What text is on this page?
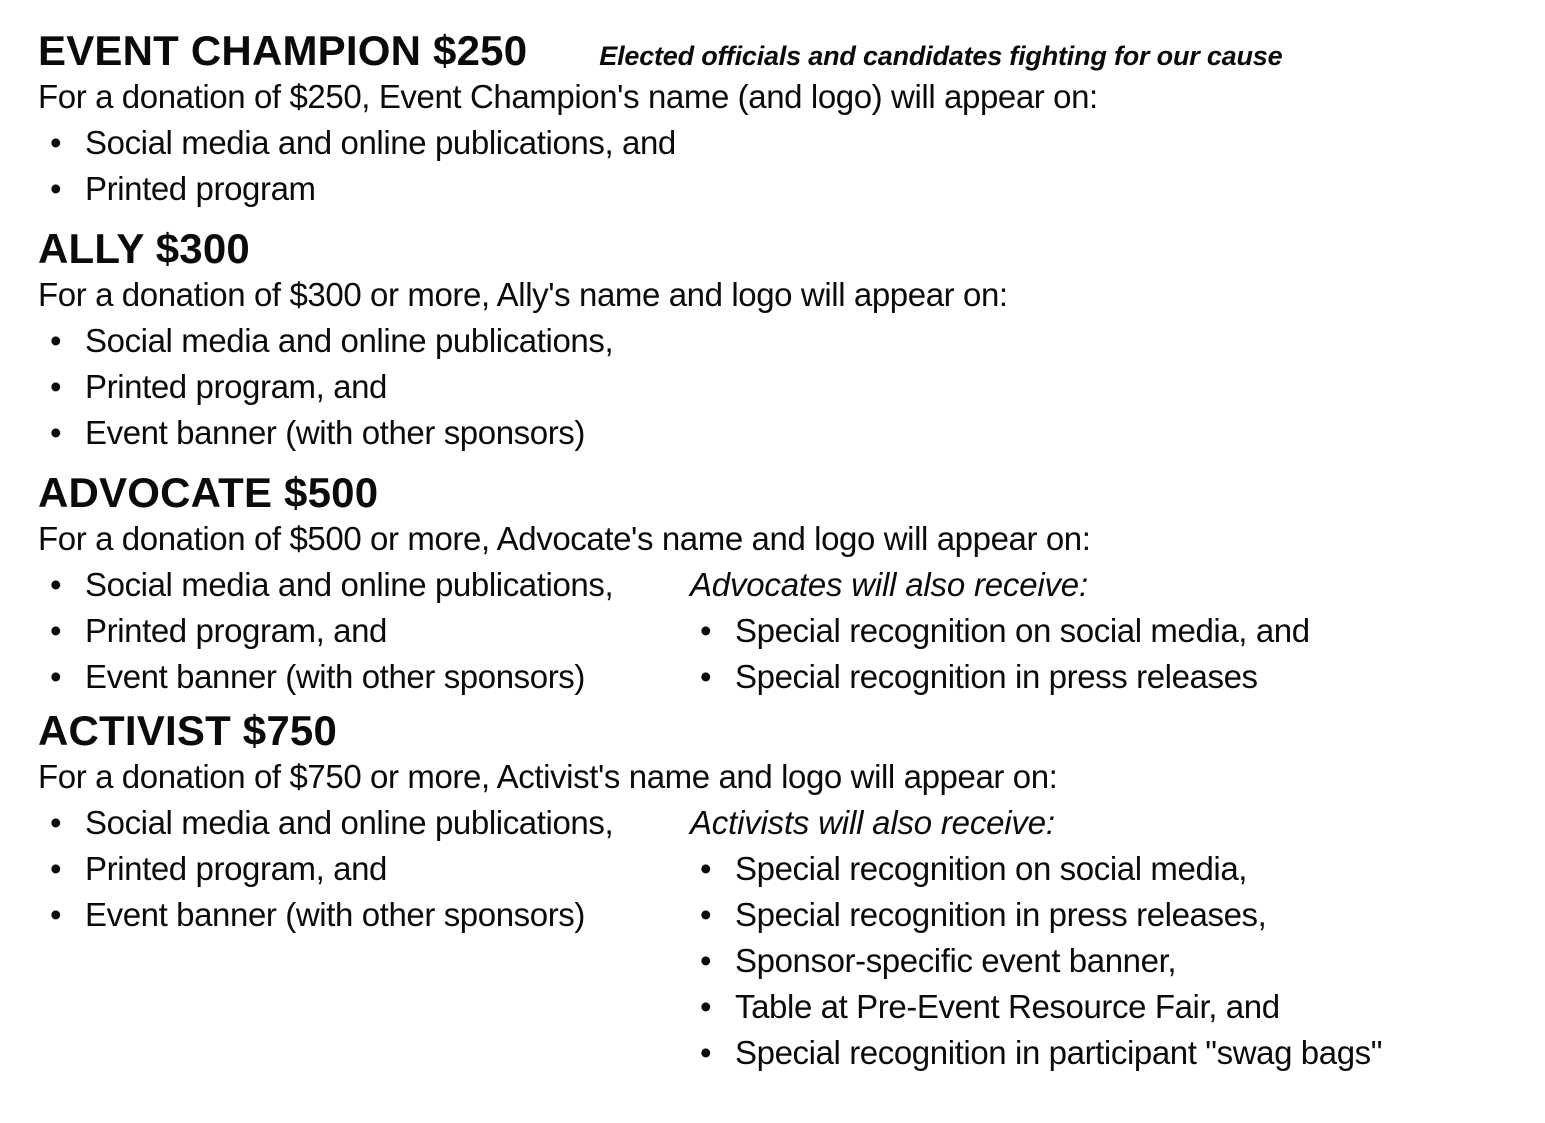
EVENT CHAMPION $250	Elected officials and candidates fighting for our cause

For a donation of $250, Event Champion's name (and logo) will appear on:

• Social media and online publications, and
• Printed program
ALLY $300

For a donation of $300 or more, Ally's name and logo will appear on:

• Social media and online publications,
• Printed program, and
• Event banner (with other sponsors)
ADVOCATE $500

For a donation of $500 or more, Advocate's name and logo will appear on:

• Social media and online publications, Advocates will also receive:
• Printed program, and	• Special recognition on social media, and
• Event banner (with other sponsors)	• Special recognition in press releases
ACTIVIST $750

For a donation of $750 or more, Activist's name and logo will appear on:

• Social media and online publications, Activists will also receive:
• Printed program, and	• Special recognition on social media,
• Event banner (with other sponsors)	• Special recognition in press releases,
• Sponsor-specific event banner,
• Table at Pre-Event Resource Fair, and
• Special recognition in participant "swag bags"
